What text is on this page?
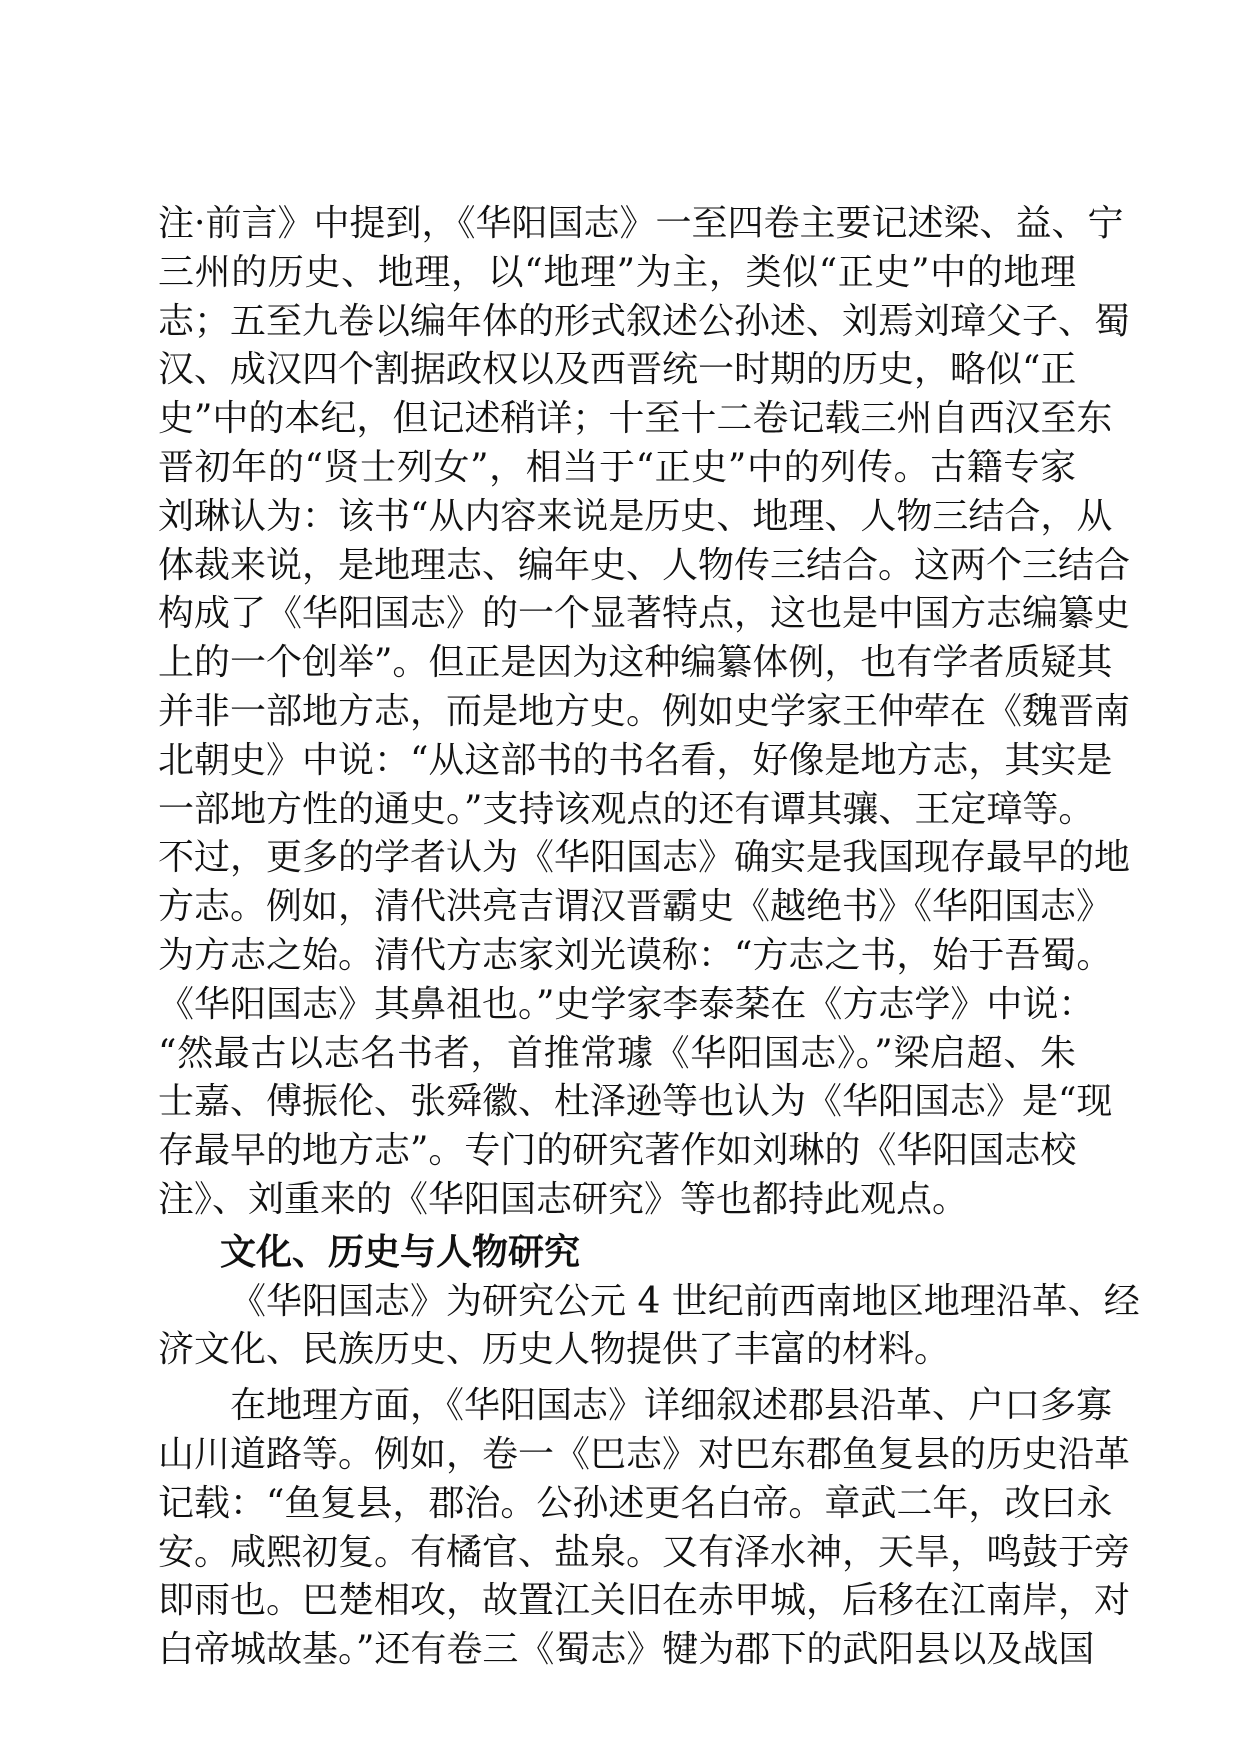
注·前言》中提到，《华阳国志》一至四卷主要记述梁、益、宁
三州的历史、地理，以“地理”为主，类似“正史”中的地理
志；五至九卷以编年体的形式叙述公孙述、刘焉刘璋父子、蜀
汉、成汉四个割据政权以及西晋统一时期的历史，略似“正
史”中的本纪，但记述稍详；十至十二卷记载三州自西汉至东
晋初年的“贤士列女”，相当于“正史”中的列传。古籍专家
刘琳认为：该书“从内容来说是历史、地理、人物三结合，从
体裁来说，是地理志、编年史、人物传三结合。这两个三结合
构成了《华阳国志》的一个显著特点，这也是中国方志编纂史
上的一个创举”。但正是因为这种编纂体例，也有学者质疑其
并非一部地方志，而是地方史。例如史学家王仲荦在《魏晋南
北朝史》中说：“从这部书的书名看，好像是地方志，其实是
一部地方性的通史。”支持该观点的还有谭其骧、王定璋等。
不过，更多的学者认为《华阳国志》确实是我国现存最早的地
方志。例如，清代洪亮吉谓汉晋霸史《越绝书》《华阳国志》
为方志之始。清代方志家刘光谟称：“方志之书，始于吾蜀。
《华阳国志》其鼻祖也。”史学家李泰棻在《方志学》中说：
“然最古以志名书者，首推常璩《华阳国志》。”梁启超、朱
士嘉、傅振伦、张舜徽、杜泽逊等也认为《华阳国志》是“现
存最早的地方志”。专门的研究著作如刘琳的《华阳国志校
注》、刘重来的《华阳国志研究》等也都持此观点。
文化、历史与人物研究
《华阳国志》为研究公元 4 世纪前西南地区地理沿革、经
济文化、民族历史、历史人物提供了丰富的材料。
在地理方面，《华阳国志》详细叙述郡县沿革、户口多寡
山川道路等。例如，卷一《巴志》对巴东郡鱼复县的历史沿革
记载：“鱼复县，郡治。公孙述更名白帝。章武二年，改曰永
安。咸熙初复。有橘官、盐泉。又有泽水神，天旱，鸣鼓于旁
即雨也。巴楚相攻，故置江关旧在赤甲城，后移在江南岸，对
白帝城故基。”还有卷三《蜀志》犍为郡下的武阳县以及战国
